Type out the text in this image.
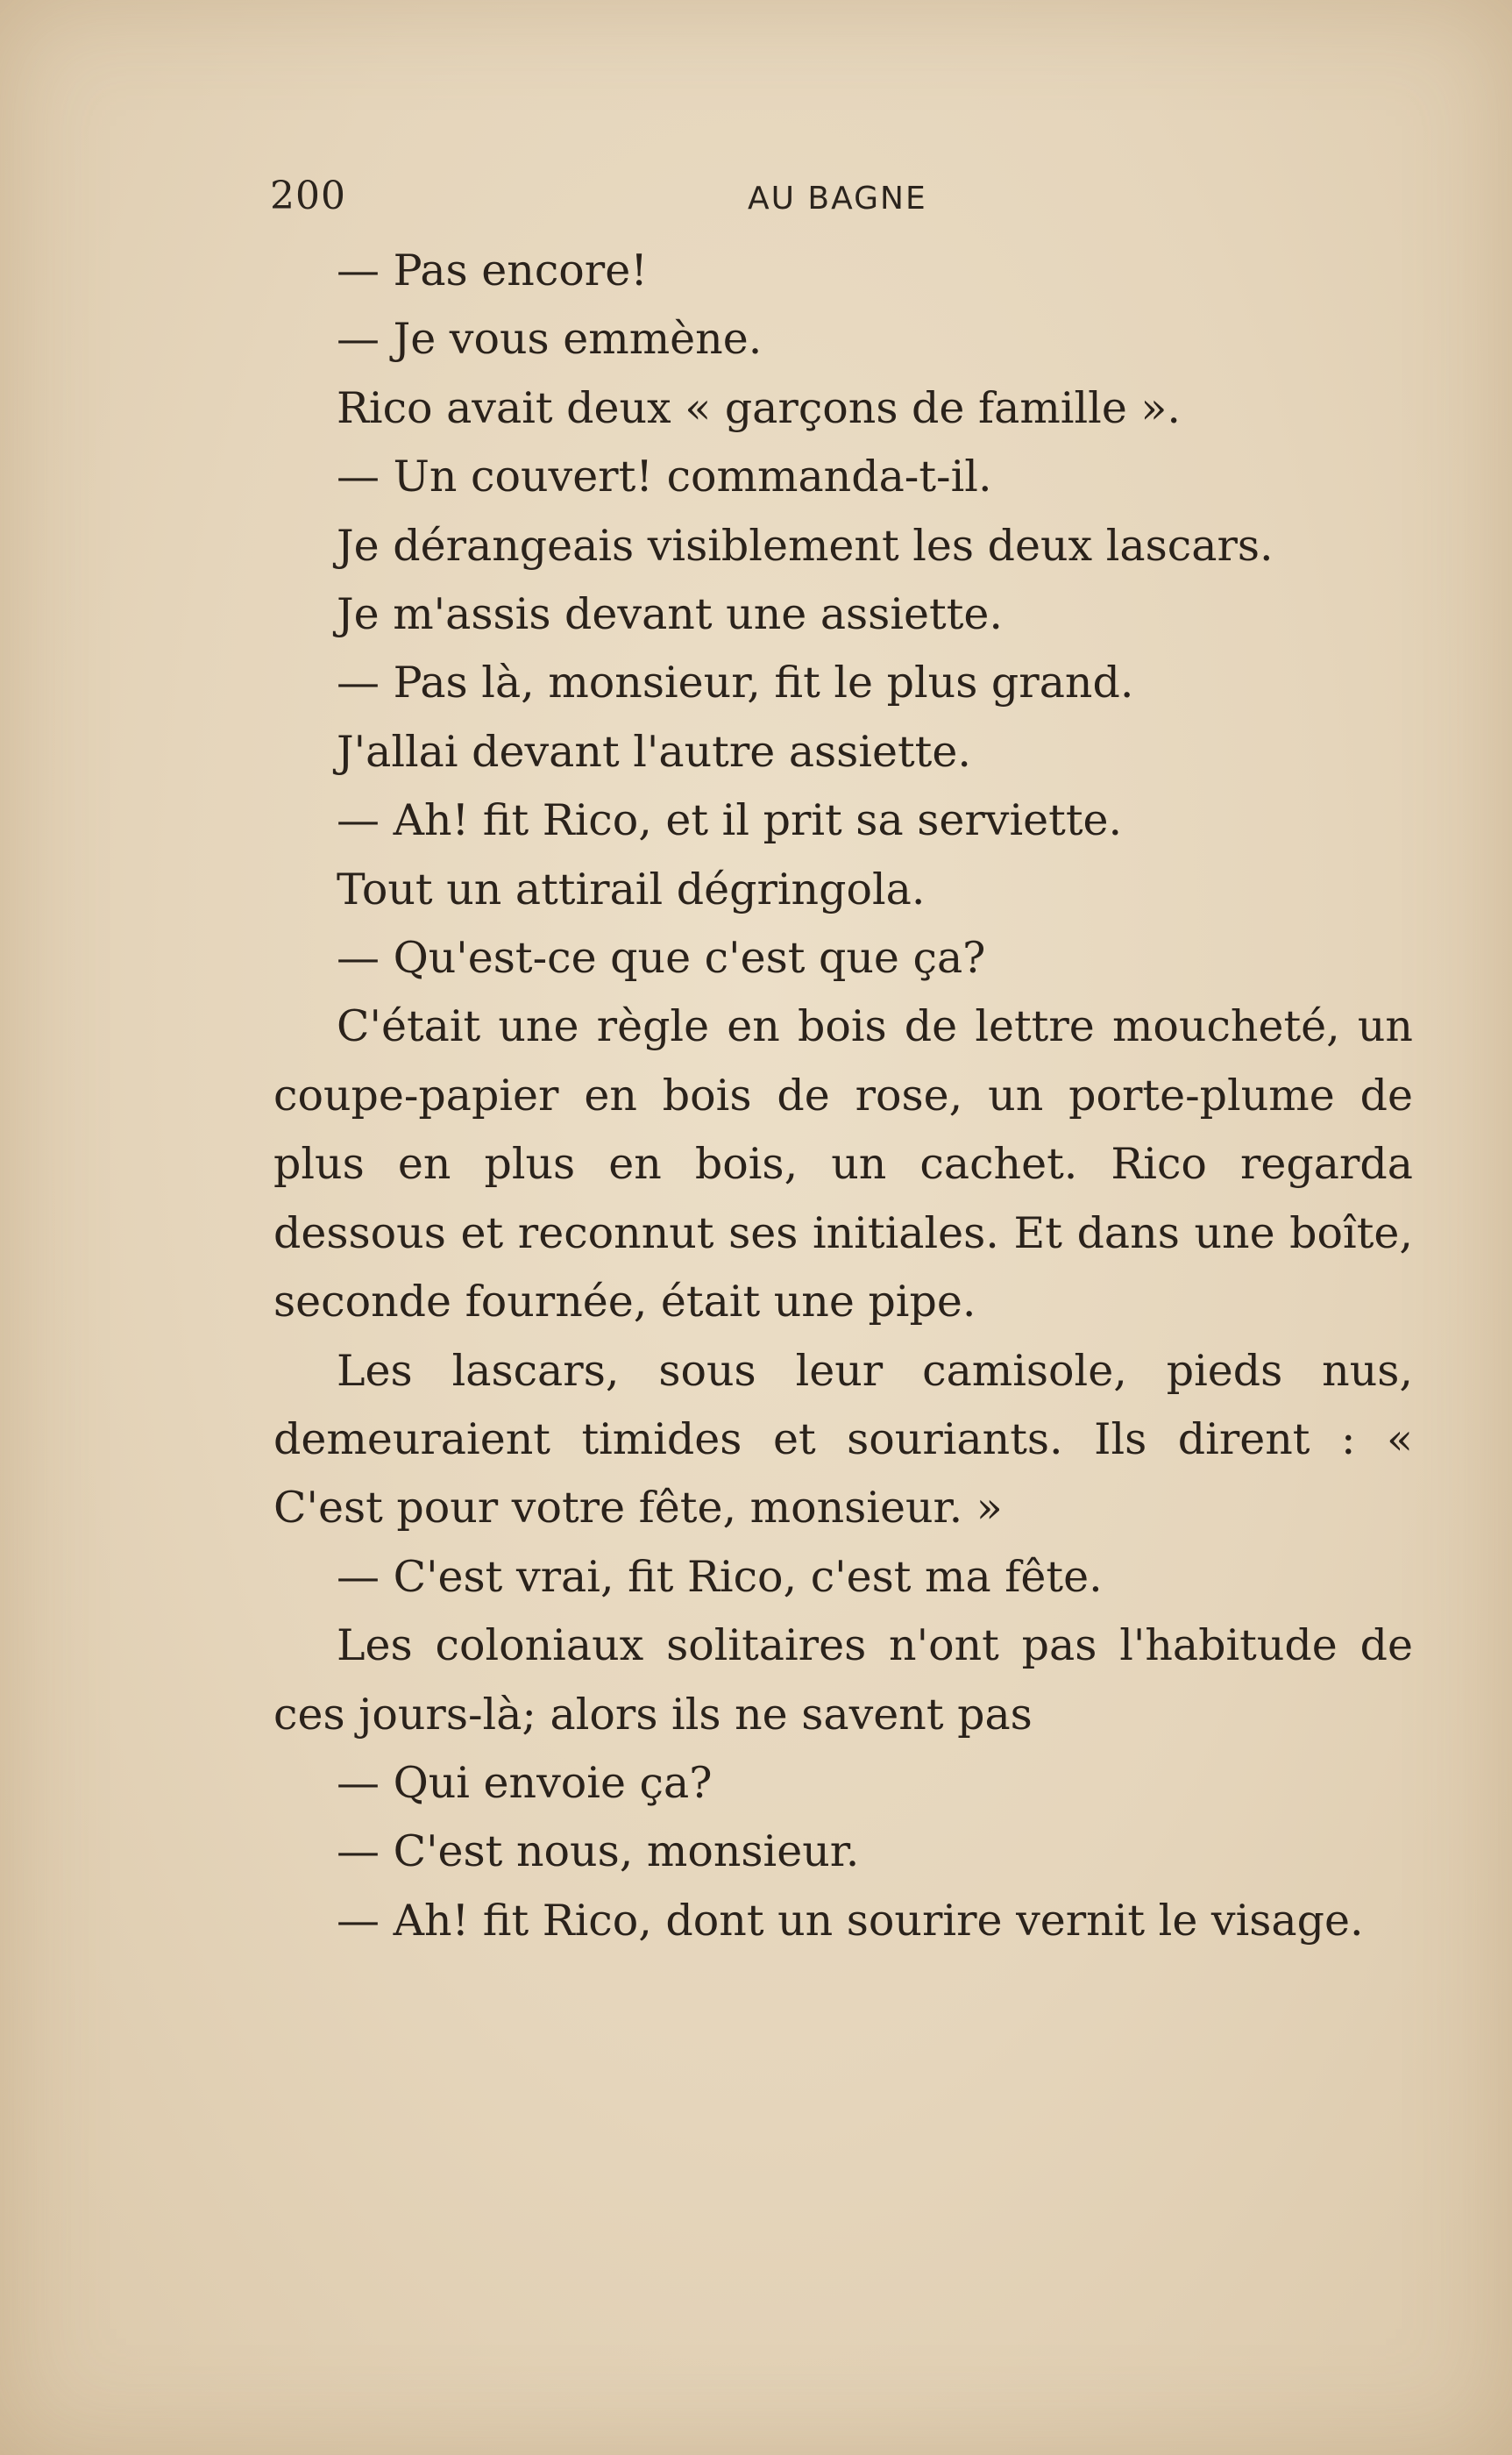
200	AU BAGNE

— Pas encore!

— Je vous emmène.

Rico avait deux « garçons de famille ».

— Un couvert! commanda-t-il.

Je dérangeais visiblement les deux lascars.

Je m'assis devant une assiette.

— Pas là, monsieur, fit le plus grand.

J'allai devant l'autre assiette.

— Ah! fit Rico, et il prit sa serviette.

Tout un attirail dégringola.

— Qu'est-ce que c'est que ça?

C'était une règle en bois de lettre moucheté, un coupe-papier en bois de rose, un porte-plume de plus en plus en bois, un cachet. Rico regarda dessous et reconnut ses initiales. Et dans une boîte, seconde fournée, était une pipe.

Les lascars, sous leur camisole, pieds nus, demeuraient timides et souriants. Ils dirent : « C'est pour votre fête, monsieur. »

— C'est vrai, fit Rico, c'est ma fête.

Les coloniaux solitaires n'ont pas l'habitude de ces jours-là; alors ils ne savent pas

— Qui envoie ça?

— C'est nous, monsieur.

— Ah! fit Rico, dont un sourire vernit le visage.
